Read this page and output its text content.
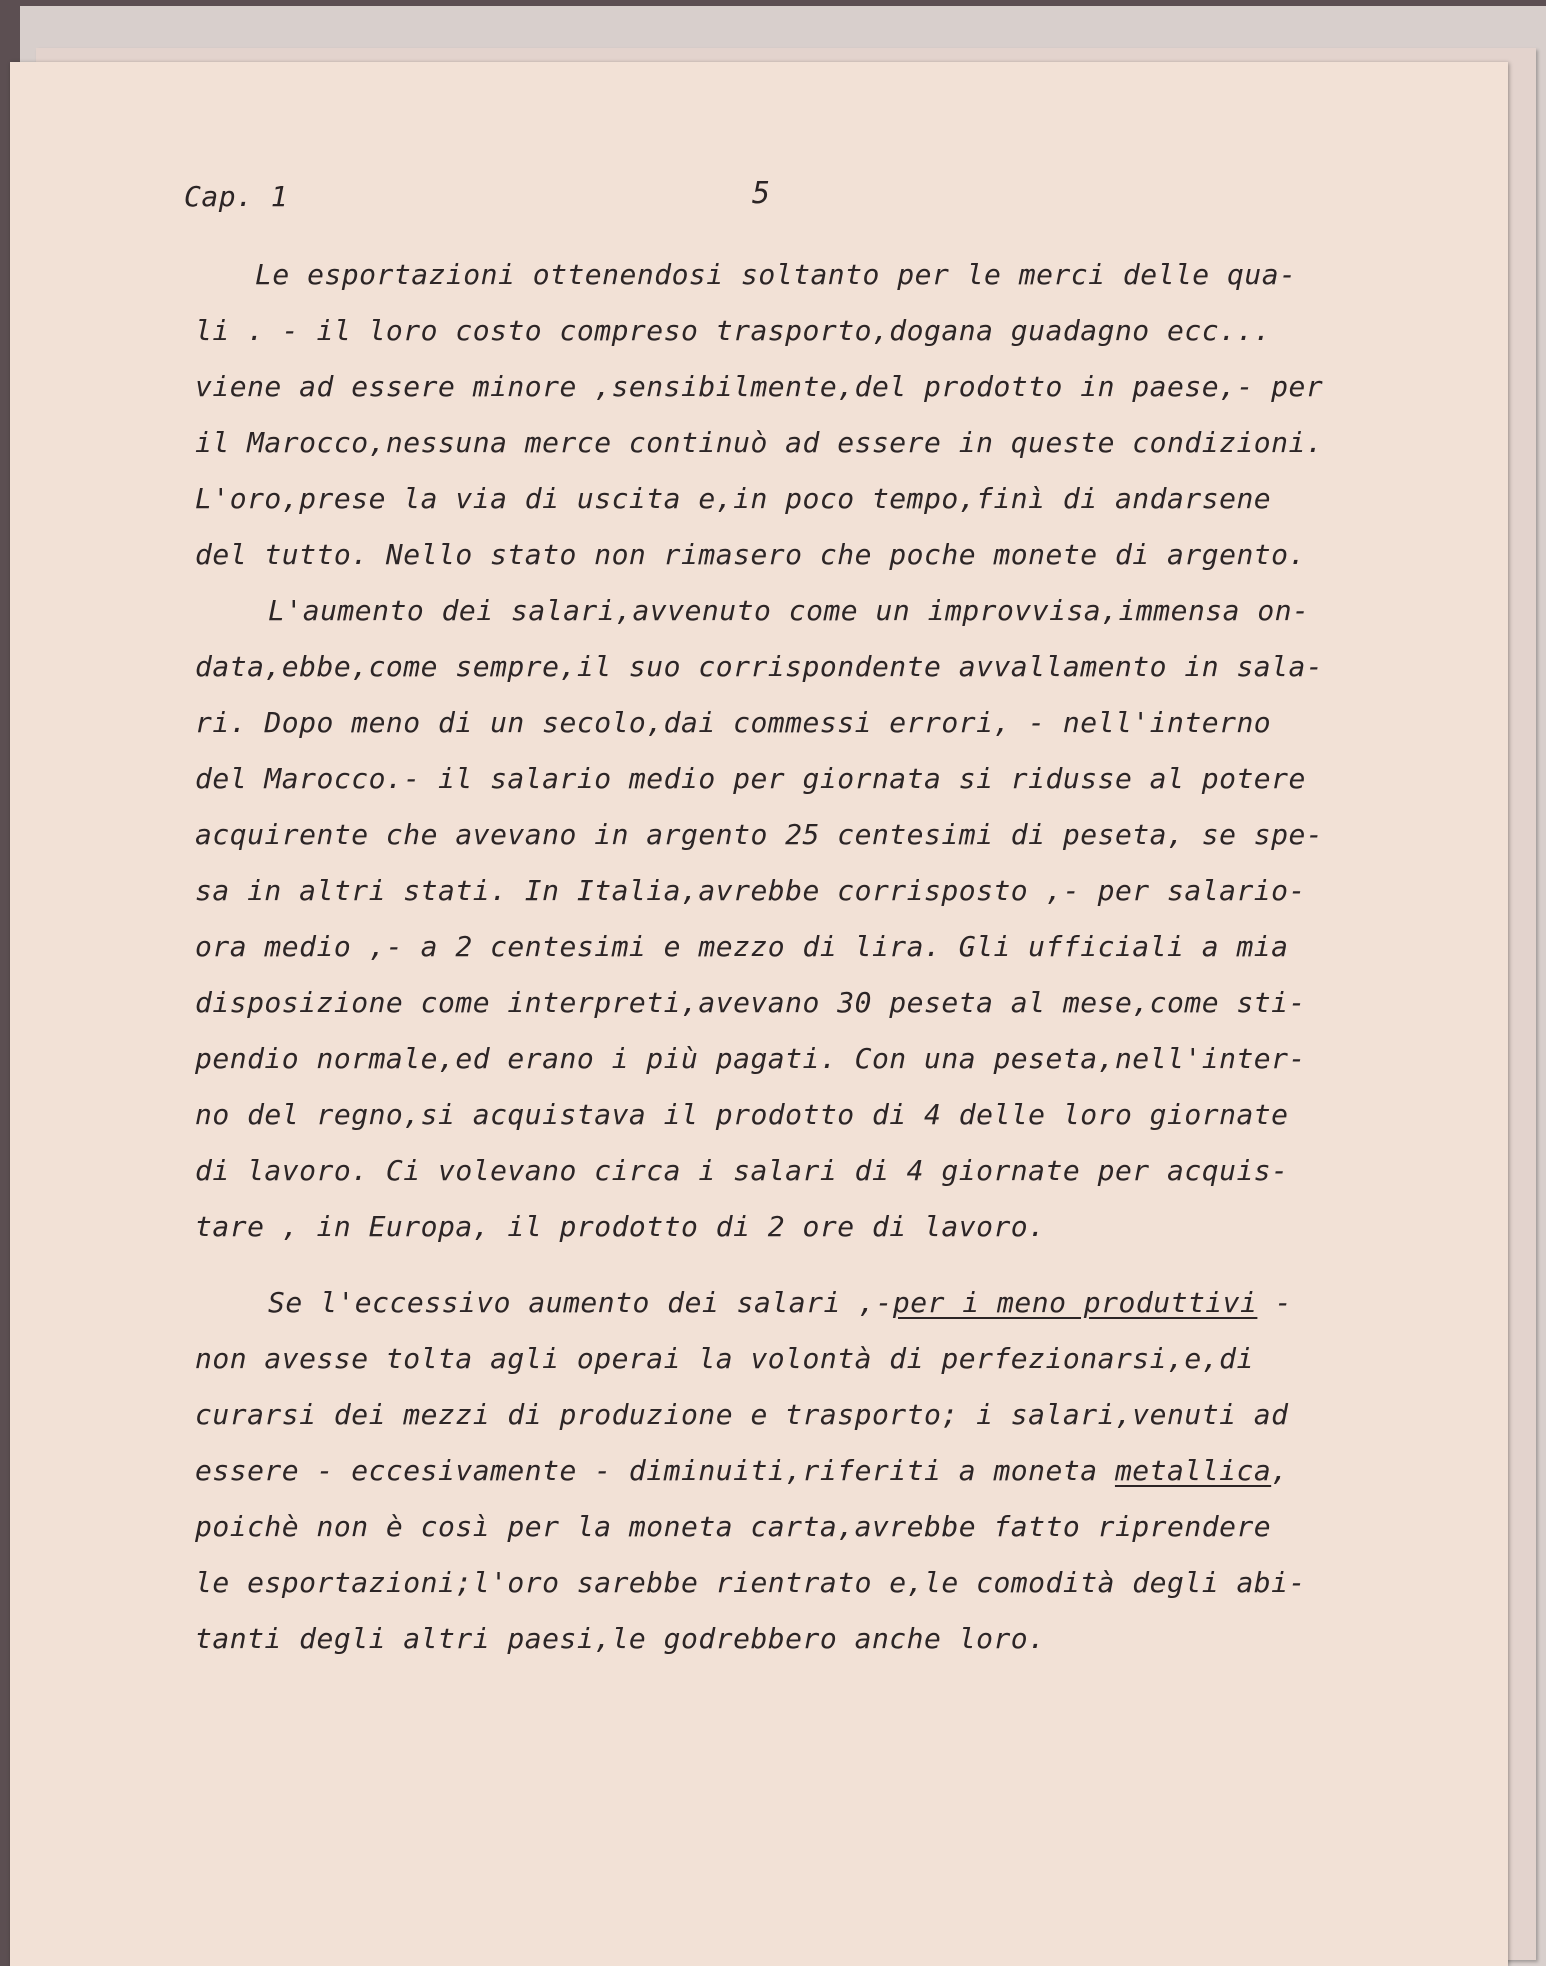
Cap. 1	5
Le esportazioni ottenendosi soltanto per le merci delle qua-
li . - il loro costo compreso trasporto,dogana guadagno ecc...
viene ad essere minore ,sensibilmente,del prodotto in paese,- per
il Marocco,nessuna merce continuò ad essere in queste condizioni.
L'oro,prese la via di uscita e,in poco tempo,finì di andarsene
del tutto. Nello stato non rimasero che poche monete di argento.
L'aumento dei salari,avvenuto come un improvvisa,immensa on-
data,ebbe,come sempre,il suo corrispondente avvallamento in sala-
ri. Dopo meno di un secolo,dai commessi errori, - nell'interno
del Marocco.- il salario medio per giornata si ridusse al potere
acquirente che avevano in argento 25 centesimi di peseta, se spe-
sa in altri stati. In Italia,avrebbe corrisposto ,- per salario-
ora medio ,- a 2 centesimi e mezzo di lira. Gli ufficiali a mia
disposizione come interpreti,avevano 30 peseta al mese,come sti-
pendio normale,ed erano i più pagati. Con una peseta,nell'inter-
no del regno,si acquistava il prodotto di 4 delle loro giornate
di lavoro. Ci volevano circa i salari di 4 giornate per acquis-
tare , in Europa, il prodotto di 2 ore di lavoro.
Se l'eccessivo aumento dei salari ,-per i meno produttivi -
non avesse tolta agli operai la volontà di perfezionarsi,e,di
curarsi dei mezzi di produzione e trasporto; i salari,venuti ad
essere - eccesivamente - diminuiti,riferiti a moneta metallica,
poichè non è così per la moneta carta,avrebbe fatto riprendere
le esportazioni;l'oro sarebbe rientrato e,le comodità degli abi-
tanti degli altri paesi,le godrebbero anche loro.
